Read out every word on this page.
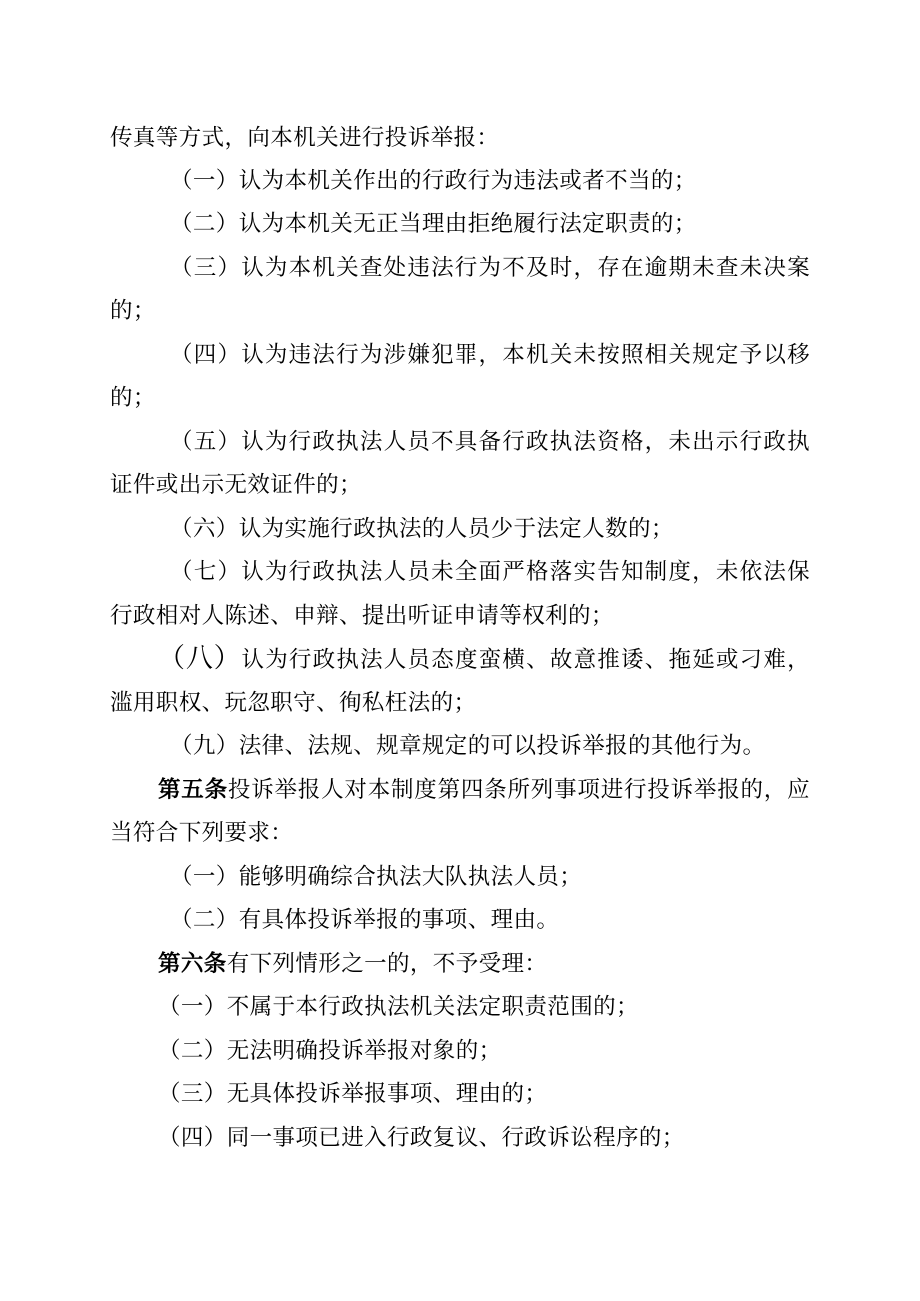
传真等方式，向本机关进行投诉举报：
（一）认为本机关作出的行政行为违法或者不当的；
（二）认为本机关无正当理由拒绝履行法定职责的；
（三）认为本机关查处违法行为不及时，存在逾期未查未决案
的；
（四）认为违法行为涉嫌犯罪，本机关未按照相关规定予以移
的；
（五）认为行政执法人员不具备行政执法资格，未出示行政执
证件或出示无效证件的；
（六）认为实施行政执法的人员少于法定人数的；
（七）认为行政执法人员未全面严格落实告知制度，未依法保
行政相对人陈述、申辩、提出听证申请等权利的；
（八）认为行政执法人员态度蛮横、故意推诿、拖延或刁难，
滥用职权、玩忽职守、徇私枉法的；
（九）法律、法规、规章规定的可以投诉举报的其他行为。
第五条投诉举报人对本制度第四条所列事项进行投诉举报的，应
当符合下列要求：
（一）能够明确综合执法大队执法人员；
（二）有具体投诉举报的事项、理由。
第六条有下列情形之一的，不予受理：
（一）不属于本行政执法机关法定职责范围的；
（二）无法明确投诉举报对象的；
（三）无具体投诉举报事项、理由的；
（四）同一事项已进入行政复议、行政诉讼程序的；
